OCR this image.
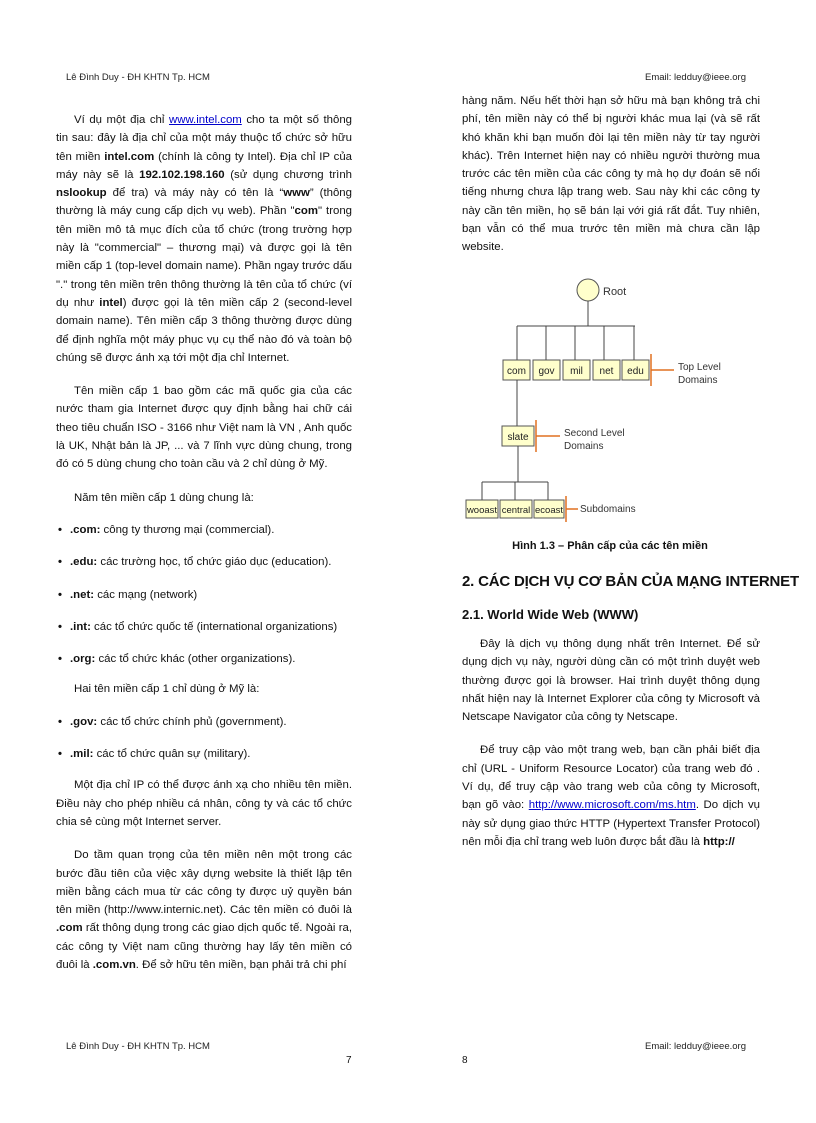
Lê Đình Duy - ĐH KHTN Tp. HCM	Email: ledduy@ieee.org

Ví dụ một địa chỉ www.intel.com cho ta một số thông tin sau: đây là địa chỉ của một máy thuộc tổ chức sở hữu tên miền intel.com (chính là công ty Intel). Địa chỉ IP của máy này sẽ là 192.102.198.160 (sử dụng chương trình nslookup để tra) và máy này có tên là “www” (thông thường là máy cung cấp dịch vụ web). Phần "com" trong tên miền mô tả mục đích của tổ chức (trong trường hợp này là "commercial" – thương mại) và được gọi là tên miền cấp 1 (top-level domain name). Phần ngay trước dấu "." trong tên miền trên thông thường là tên của tổ chức (ví dụ như intel) được gọi là tên miền cấp 2 (second-level domain name). Tên miền cấp 3 thông thường được dùng để định nghĩa một máy phục vụ cụ thể nào đó và toàn bộ chúng sẽ được ánh xạ tới một địa chỉ Internet.

Tên miền cấp 1 bao gồm các mã quốc gia của các nước tham gia Internet được quy định bằng hai chữ cái theo tiêu chuẩn ISO - 3166 như Việt nam là VN , Anh quốc là UK, Nhật bản là JP, ... và 7 lĩnh vực dùng chung, trong đó có 5 dùng chung cho toàn cầu và 2 chỉ dùng ở Mỹ.

Năm tên miền cấp 1 dùng chung là:

• .com: công ty thương mại (commercial).
• .edu: các trường học, tổ chức giáo dục (education).
• .net: các mạng (network)
• .int: các tổ chức quốc tế (international organizations)
• .org: các tổ chức khác (other organizations).

Hai tên miền cấp 1 chỉ dùng ở Mỹ là:

• .gov: các tổ chức chính phủ (government).
• .mil: các tổ chức quân sự (military).

Một địa chỉ IP có thể được ánh xạ cho nhiều tên miền. Điều này cho phép nhiều cá nhân, công ty và các tổ chức chia sẻ cùng một Internet server.

Do tầm quan trọng của tên miền nên một trong các bước đầu tiên của việc xây dựng website là thiết lập tên miền bằng cách mua từ các công ty được uỷ quyền bán tên miền (http://www.internic.net). Các tên miền có đuôi là .com rất thông dụng trong các giao dịch quốc tế. Ngoài ra, các công ty Việt nam cũng thường hay lấy tên miền có đuôi là .com.vn. Để sở hữu tên miền, bạn phải trả chi phí

hàng năm. Nếu hết thời hạn sở hữu mà bạn không trả chi phí, tên miền này có thể bị người khác mua lại (và sẽ rất khó khăn khi bạn muốn đòi lại tên miền này từ tay người khác). Trên Internet hiện nay có nhiều người thường mua trước các tên miền của các công ty mà họ dự đoán sẽ nổi tiếng nhưng chưa lập trang web. Sau này khi các công ty này cần tên miền, họ sẽ bán lại với giá rất đắt. Tuy nhiên, bạn vẫn có thể mua trước tên miền mà chưa cần lập website.

Root
com gov mil net edu	Top Level
Domains
slate	Second Level
Domains
wooast central ecoast Subdomains
Hình 1.3 – Phân cấp của các tên miền
2. CÁC DỊCH VỤ CƠ BẢN CỦA MẠNG INTERNET
2.1. World Wide Web (WWW)

Đây là dịch vụ thông dụng nhất trên Internet. Để sử dụng dịch vụ này, người dùng cần có một trình duyệt web thường được gọi là browser. Hai trình duyệt thông dụng nhất hiện nay là Internet Explorer của công ty Microsoft và Netscape Navigator của công ty Netscape.

Để truy cập vào một trang web, bạn cần phải biết địa chỉ (URL - Uniform Resource Locator) của trang web đó . Ví dụ, để truy cập vào trang web của công ty Microsoft, bạn gõ vào: http://www.microsoft.com/ms.htm. Do dịch vụ này sử dụng giao thức HTTP (Hypertext Transfer Protocol) nên mỗi địa chỉ trang web luôn được bắt đầu là http://

Lê Đình Duy - ĐH KHTN Tp. HCM
7
Email: ledduy@ieee.org
8
